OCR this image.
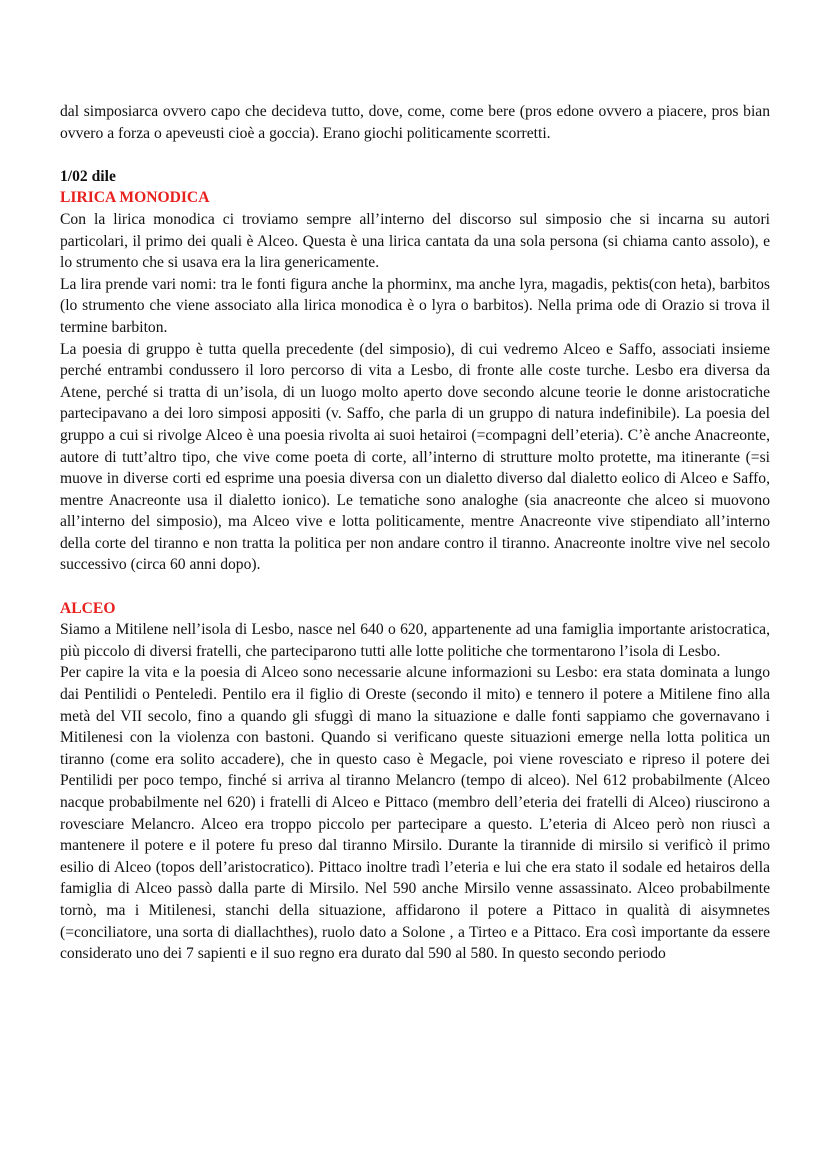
dal simposiarca ovvero capo che decideva tutto, dove, come, come bere (pros edone ovvero a piacere, pros bian ovvero a forza o apeveusti cioè a goccia). Erano giochi politicamente scorretti.

1/02 dile

LIRICA MONODICA

Con la lirica monodica ci troviamo sempre all’interno del discorso sul simposio che si incarna su autori particolari, il primo dei quali è Alceo. Questa è una lirica cantata da una sola persona (si chiama canto assolo), e lo strumento che si usava era la lira genericamente.

La lira prende vari nomi: tra le fonti figura anche la phorminx, ma anche lyra, magadis, pektis(con heta), barbitos (lo strumento che viene associato alla lirica monodica è o lyra o barbitos). Nella prima ode di Orazio si trova il termine barbiton.

La poesia di gruppo è tutta quella precedente (del simposio), di cui vedremo Alceo e Saffo, associati insieme perché entrambi condussero il loro percorso di vita a Lesbo, di fronte alle coste turche. Lesbo era diversa da Atene, perché si tratta di un’isola, di un luogo molto aperto dove secondo alcune teorie le donne aristocratiche partecipavano a dei loro simposi appositi (v. Saffo, che parla di un gruppo di natura indefinibile). La poesia del gruppo a cui si rivolge Alceo è una poesia rivolta ai suoi hetairoi (=compagni dell’eteria). C’è anche Anacreonte, autore di tutt’altro tipo, che vive come poeta di corte, all’interno di strutture molto protette, ma itinerante (=si muove in diverse corti ed esprime una poesia diversa con un dialetto diverso dal dialetto eolico di Alceo e Saffo, mentre Anacreonte usa il dialetto ionico). Le tematiche sono analoghe (sia anacreonte che alceo si muovono all’interno del simposio), ma Alceo vive e lotta politicamente, mentre Anacreonte vive stipendiato all’interno della corte del tiranno e non tratta la politica per non andare contro il tiranno. Anacreonte inoltre vive nel secolo successivo (circa 60 anni dopo).

ALCEO

Siamo a Mitilene nell’isola di Lesbo, nasce nel 640 o 620, appartenente ad una famiglia importante aristocratica, più piccolo di diversi fratelli, che parteciparono tutti alle lotte politiche che tormentarono l’isola di Lesbo.

Per capire la vita e la poesia di Alceo sono necessarie alcune informazioni su Lesbo: era stata dominata a lungo dai Pentilidi o Penteledi. Pentilo era il figlio di Oreste (secondo il mito) e tennero il potere a Mitilene fino alla metà del VII secolo, fino a quando gli sfuggì di mano la situazione e dalle fonti sappiamo che governavano i Mitilenesi con la violenza con bastoni. Quando si verificano queste situazioni emerge nella lotta politica un tiranno (come era solito accadere), che in questo caso è Megacle, poi viene rovesciato e ripreso il potere dei Pentilidi per poco tempo, finché si arriva al tiranno Melancro (tempo di alceo). Nel 612 probabilmente (Alceo nacque probabilmente nel 620) i fratelli di Alceo e Pittaco (membro dell’eteria dei fratelli di Alceo) riuscirono a rovesciare Melancro. Alceo era troppo piccolo per partecipare a questo. L’eteria di Alceo però non riuscì a mantenere il potere e il potere fu preso dal tiranno Mirsilo. Durante la tirannide di mirsilo si verificò il primo esilio di Alceo (topos dell’aristocratico). Pittaco inoltre tradì l’eteria e lui che era stato il sodale ed hetairos della famiglia di Alceo passò dalla parte di Mirsilo. Nel 590 anche Mirsilo venne assassinato. Alceo probabilmente tornò, ma i Mitilenesi, stanchi della situazione, affidarono il potere a Pittaco in qualità di aisymnetes (=conciliatore, una sorta di diallachthes), ruolo dato a Solone , a Tirteo e a Pittaco. Era così importante da essere considerato uno dei 7 sapienti e il suo regno era durato dal 590 al 580. In questo secondo periodo
